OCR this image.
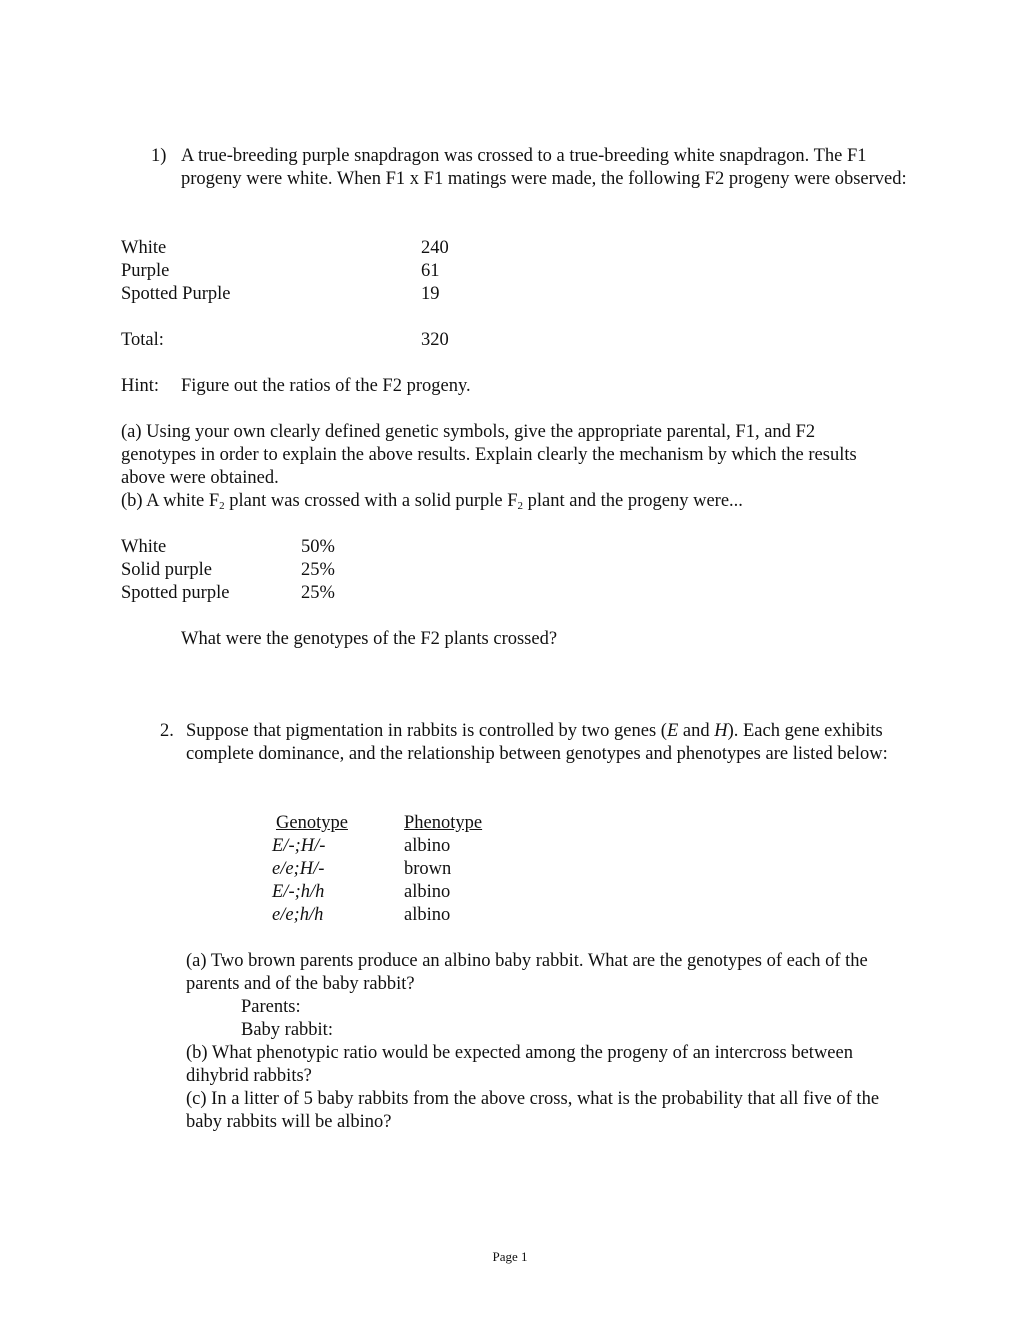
1) A true-breeding purple snapdragon was crossed to a true-breeding white snapdragon. The F1 progeny were white. When F1 x F1 matings were made, the following F2 progeny were observed:
White	240
Purple	61
Spotted Purple	19
Total:	320
Hint: Figure out the ratios of the F2 progeny.
(a) Using your own clearly defined genetic symbols, give the appropriate parental, F1, and F2 genotypes in order to explain the above results. Explain clearly the mechanism by which the results above were obtained.
(b) A white $F_2$ plant was crossed with a solid purple $F_2$ plant and the progeny were...
White	50%
Solid purple	25%
Spotted purple	25%
What were the genotypes of the F2 plants crossed?
2. Suppose that pigmentation in rabbits is controlled by two genes (E and H). Each gene exhibits complete dominance, and the relationship between genotypes and phenotypes are listed below:
Genotype	Phenotype
E/-;H/-	albino
e/e;H/-	brown
E/-;h/h	albino
e/e;h/h	albino
(a) Two brown parents produce an albino baby rabbit. What are the genotypes of each of the parents and of the baby rabbit?
Parents:
Baby rabbit:
(b) What phenotypic ratio would be expected among the progeny of an intercross between dihybrid rabbits?
(c) In a litter of 5 baby rabbits from the above cross, what is the probability that all five of the baby rabbits will be albino?
Page 1
